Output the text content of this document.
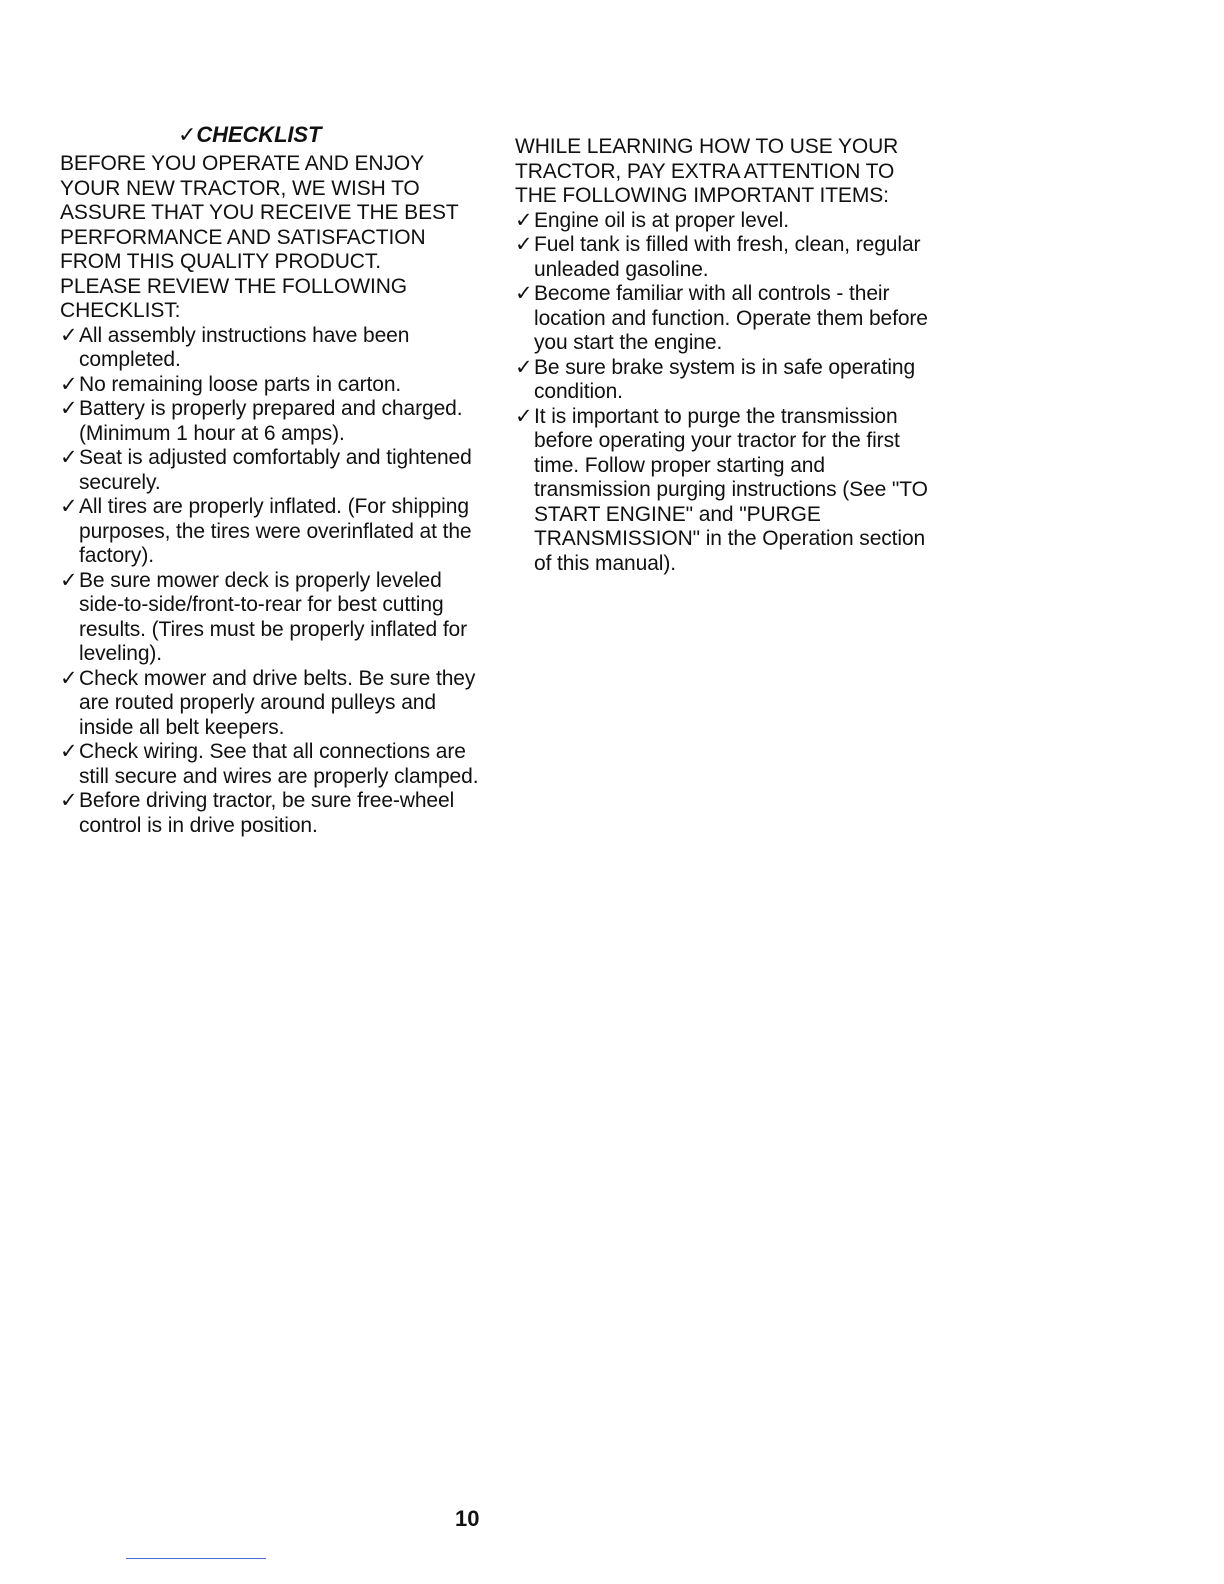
✓CHECKLIST

BEFORE YOU OPERATE AND ENJOY YOUR NEW TRACTOR, WE WISH TO ASSURE THAT YOU RECEIVE THE BEST PERFORMANCE AND SATISFACTION FROM THIS QUALITY PRODUCT.

PLEASE REVIEW THE FOLLOWING CHECKLIST:

✓ All assembly instructions have been completed.
✓ No remaining loose parts in carton.
✓ Battery is properly prepared and charged. (Minimum 1 hour at 6 amps).
✓ Seat is adjusted comfortably and tightened securely.
✓ All tires are properly inflated. (For shipping purposes, the tires were overinflated at the factory).
✓ Be sure mower deck is properly leveled side-to-side/front-to-rear for best cutting results. (Tires must be properly inflated for leveling).
✓ Check mower and drive belts. Be sure they are routed properly around pulleys and inside all belt keepers.
✓ Check wiring. See that all connections are still secure and wires are properly clamped.
✓ Before driving tractor, be sure free-wheel control is in drive position.

WHILE LEARNING HOW TO USE YOUR TRACTOR, PAY EXTRA ATTENTION TO THE FOLLOWING IMPORTANT ITEMS:

✓ Engine oil is at proper level.
✓ Fuel tank is filled with fresh, clean, regular unleaded gasoline.
✓ Become familiar with all controls - their location and function. Operate them before you start the engine.
✓ Be sure brake system is in safe operating condition.
✓ It is important to purge the transmission before operating your tractor for the first time. Follow proper starting and transmission purging instructions (See "TO START ENGINE" and "PURGE TRANSMISSION" in the Operation section of this manual).
10
